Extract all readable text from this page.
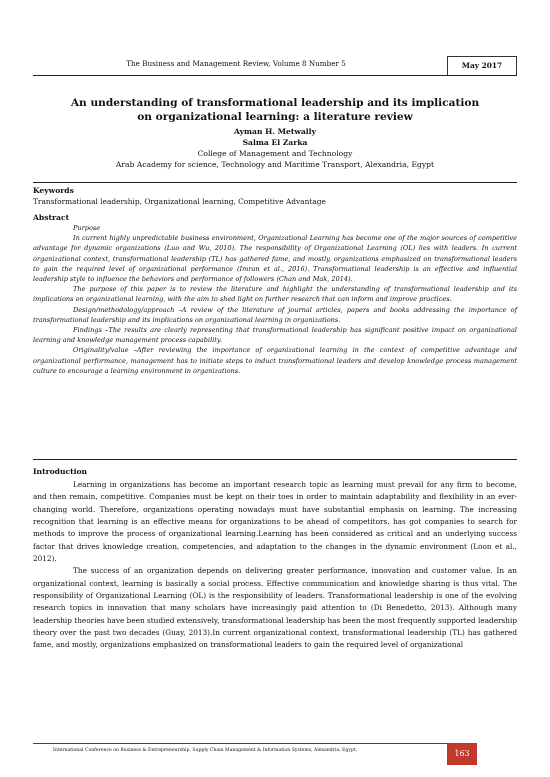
The Business and Management Review, Volume 8 Number 5	May 2017
An understanding of transformational leadership and its implication
on organizational learning: a literature review
Ayman H. Metwally
Salma El Zarka
College of Management and Technology
Arab Academy for science, Technology and Maritime Transport, Alexandria, Egypt
Keywords
Transformational leadership, Organizational learning, Competitive Advantage
Abstract

Purpose

In current highly unpredictable business environment, Organizational Learning has become one of the major sources of competitive advantage for dynamic organizations (Luo and Wu, 2010). The responsibility of Organizational Learning (OL) lies with leaders. In current organizational context, transformational leadership (TL) has gathered fame, and mostly, organizations emphasized on transformational leaders to gain the required level of organizational performance (Imran et al., 2016). Transformational leadership is an effective and influential leadership style to influence the behaviors and performance of followers (Chan and Mak, 2014).

The purpose of this paper is to review the literature and highlight the understanding of transformational leadership and its implications on organizational learning, with the aim to shed light on further research that can inform and improve practices.

Design/methodology/approach –A review of the literature of journal articles, papers and books addressing the importance of transformational leadership and its implications on organizational learning in organizations.

Findings –The results are clearly representing that transformational leadership has significant positive impact on organizational learning and knowledge management process capability.

Originality/value –After reviewing the importance of organizational learning in the context of competitive advantage and organizational performance, management has to initiate steps to induct transformational leaders and develop knowledge process management culture to encourage a learning environment in organizations.

Introduction

Learning in organizations has become an important research topic as learning must prevail for any firm to become, and then remain, competitive. Companies must be kept on their toes in order to maintain adaptability and flexibility in an ever-changing world. Therefore, organizations operating nowadays must have substantial emphasis on learning. The increasing recognition that learning is an effective means for organizations to be ahead of competitors, has got companies to search for methods to improve the process of organizational learning.Learning has been considered as critical and an underlying success factor that drives knowledge creation, competencies, and adaptation to the changes in the dynamic environment (Loon et al., 2012).

The success of an organization depends on delivering greater performance, innovation and customer value. In an organizational context, learning is basically a social process. Effective communication and knowledge sharing is thus vital. The responsibility of Organizational Learning (OL) is the responsibility of leaders. Transformational leadership is one of the evolving research topics in innovation that many scholars have increasingly paid attention to (Di Benedetto, 2013). Although many leadership theories have been studied extensively, transformational leadership has been the most frequently supported leadership theory over the past two decades (Guay, 2013).In current organizational context, transformational leadership (TL) has gathered fame, and mostly, organizations emphasized on transformational leaders to gain the required level of organizational

International Conference on Business & Entrepreneurship, Supply Chain Management & Information Systems, Alexandria, Egypt,	163
